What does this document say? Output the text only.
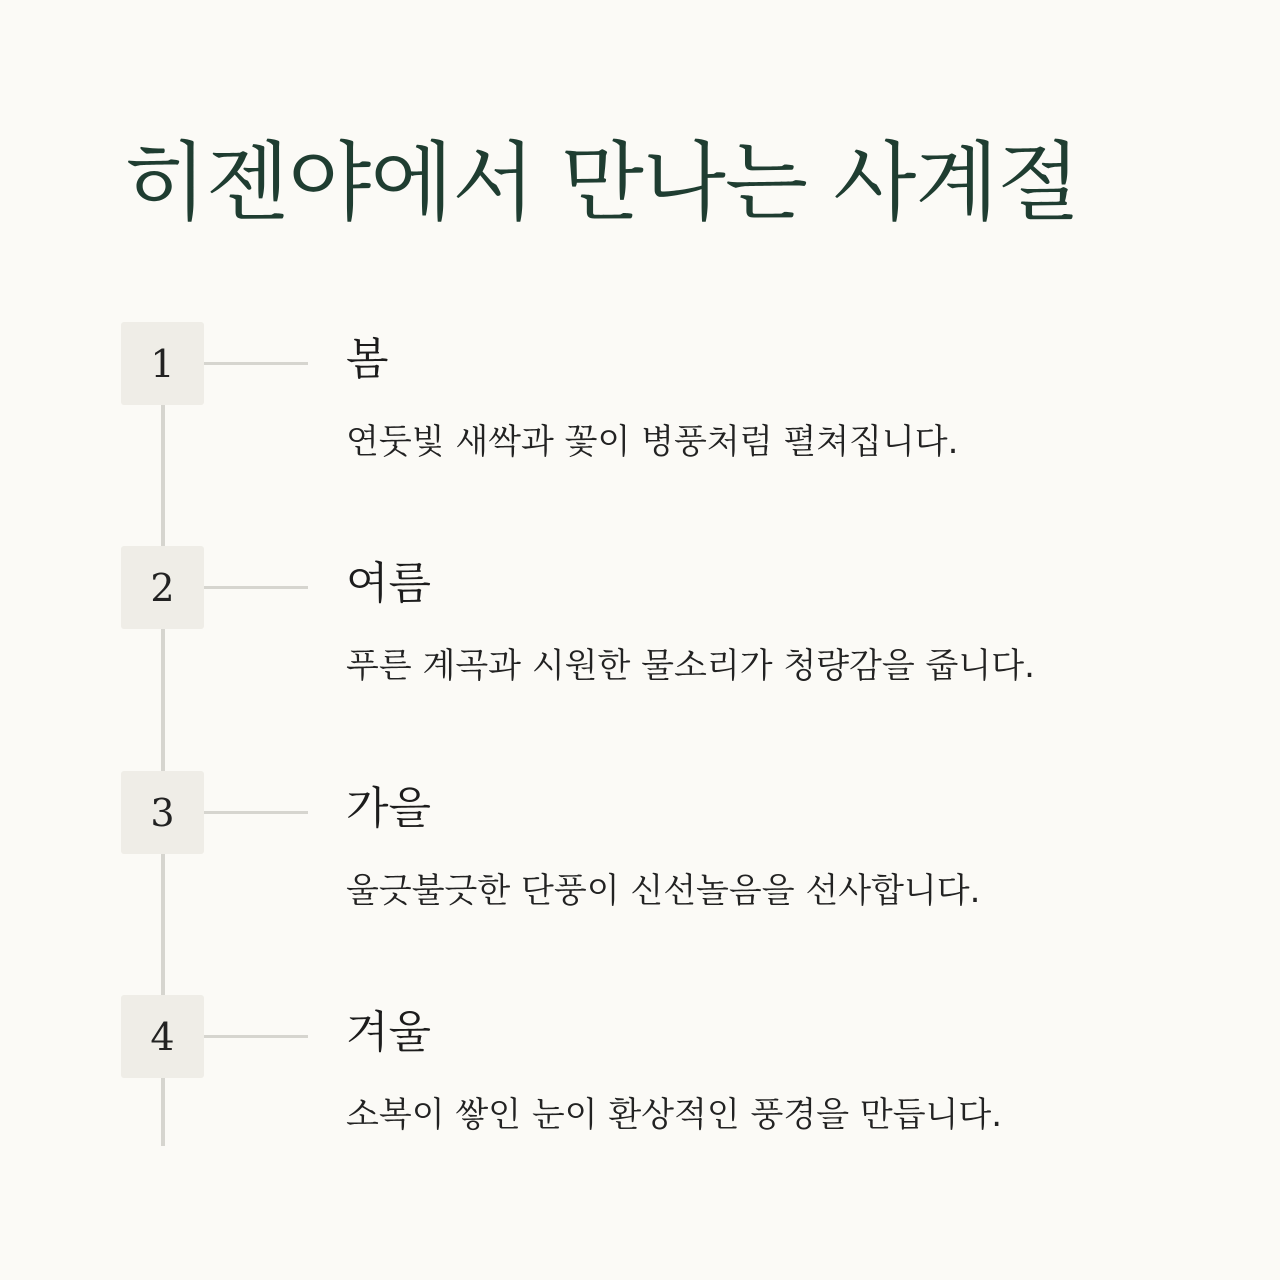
히젠야에서 만나는 사계절
1	봄
연둣빛 새싹과 꽃이 병풍처럼 펼쳐집니다.
2	여름
푸른 계곡과 시원한 물소리가 청량감을 줍니다.
3	가을
울긋불긋한 단풍이 신선놀음을 선사합니다.
4	겨울
소복이 쌓인 눈이 환상적인 풍경을 만듭니다.
